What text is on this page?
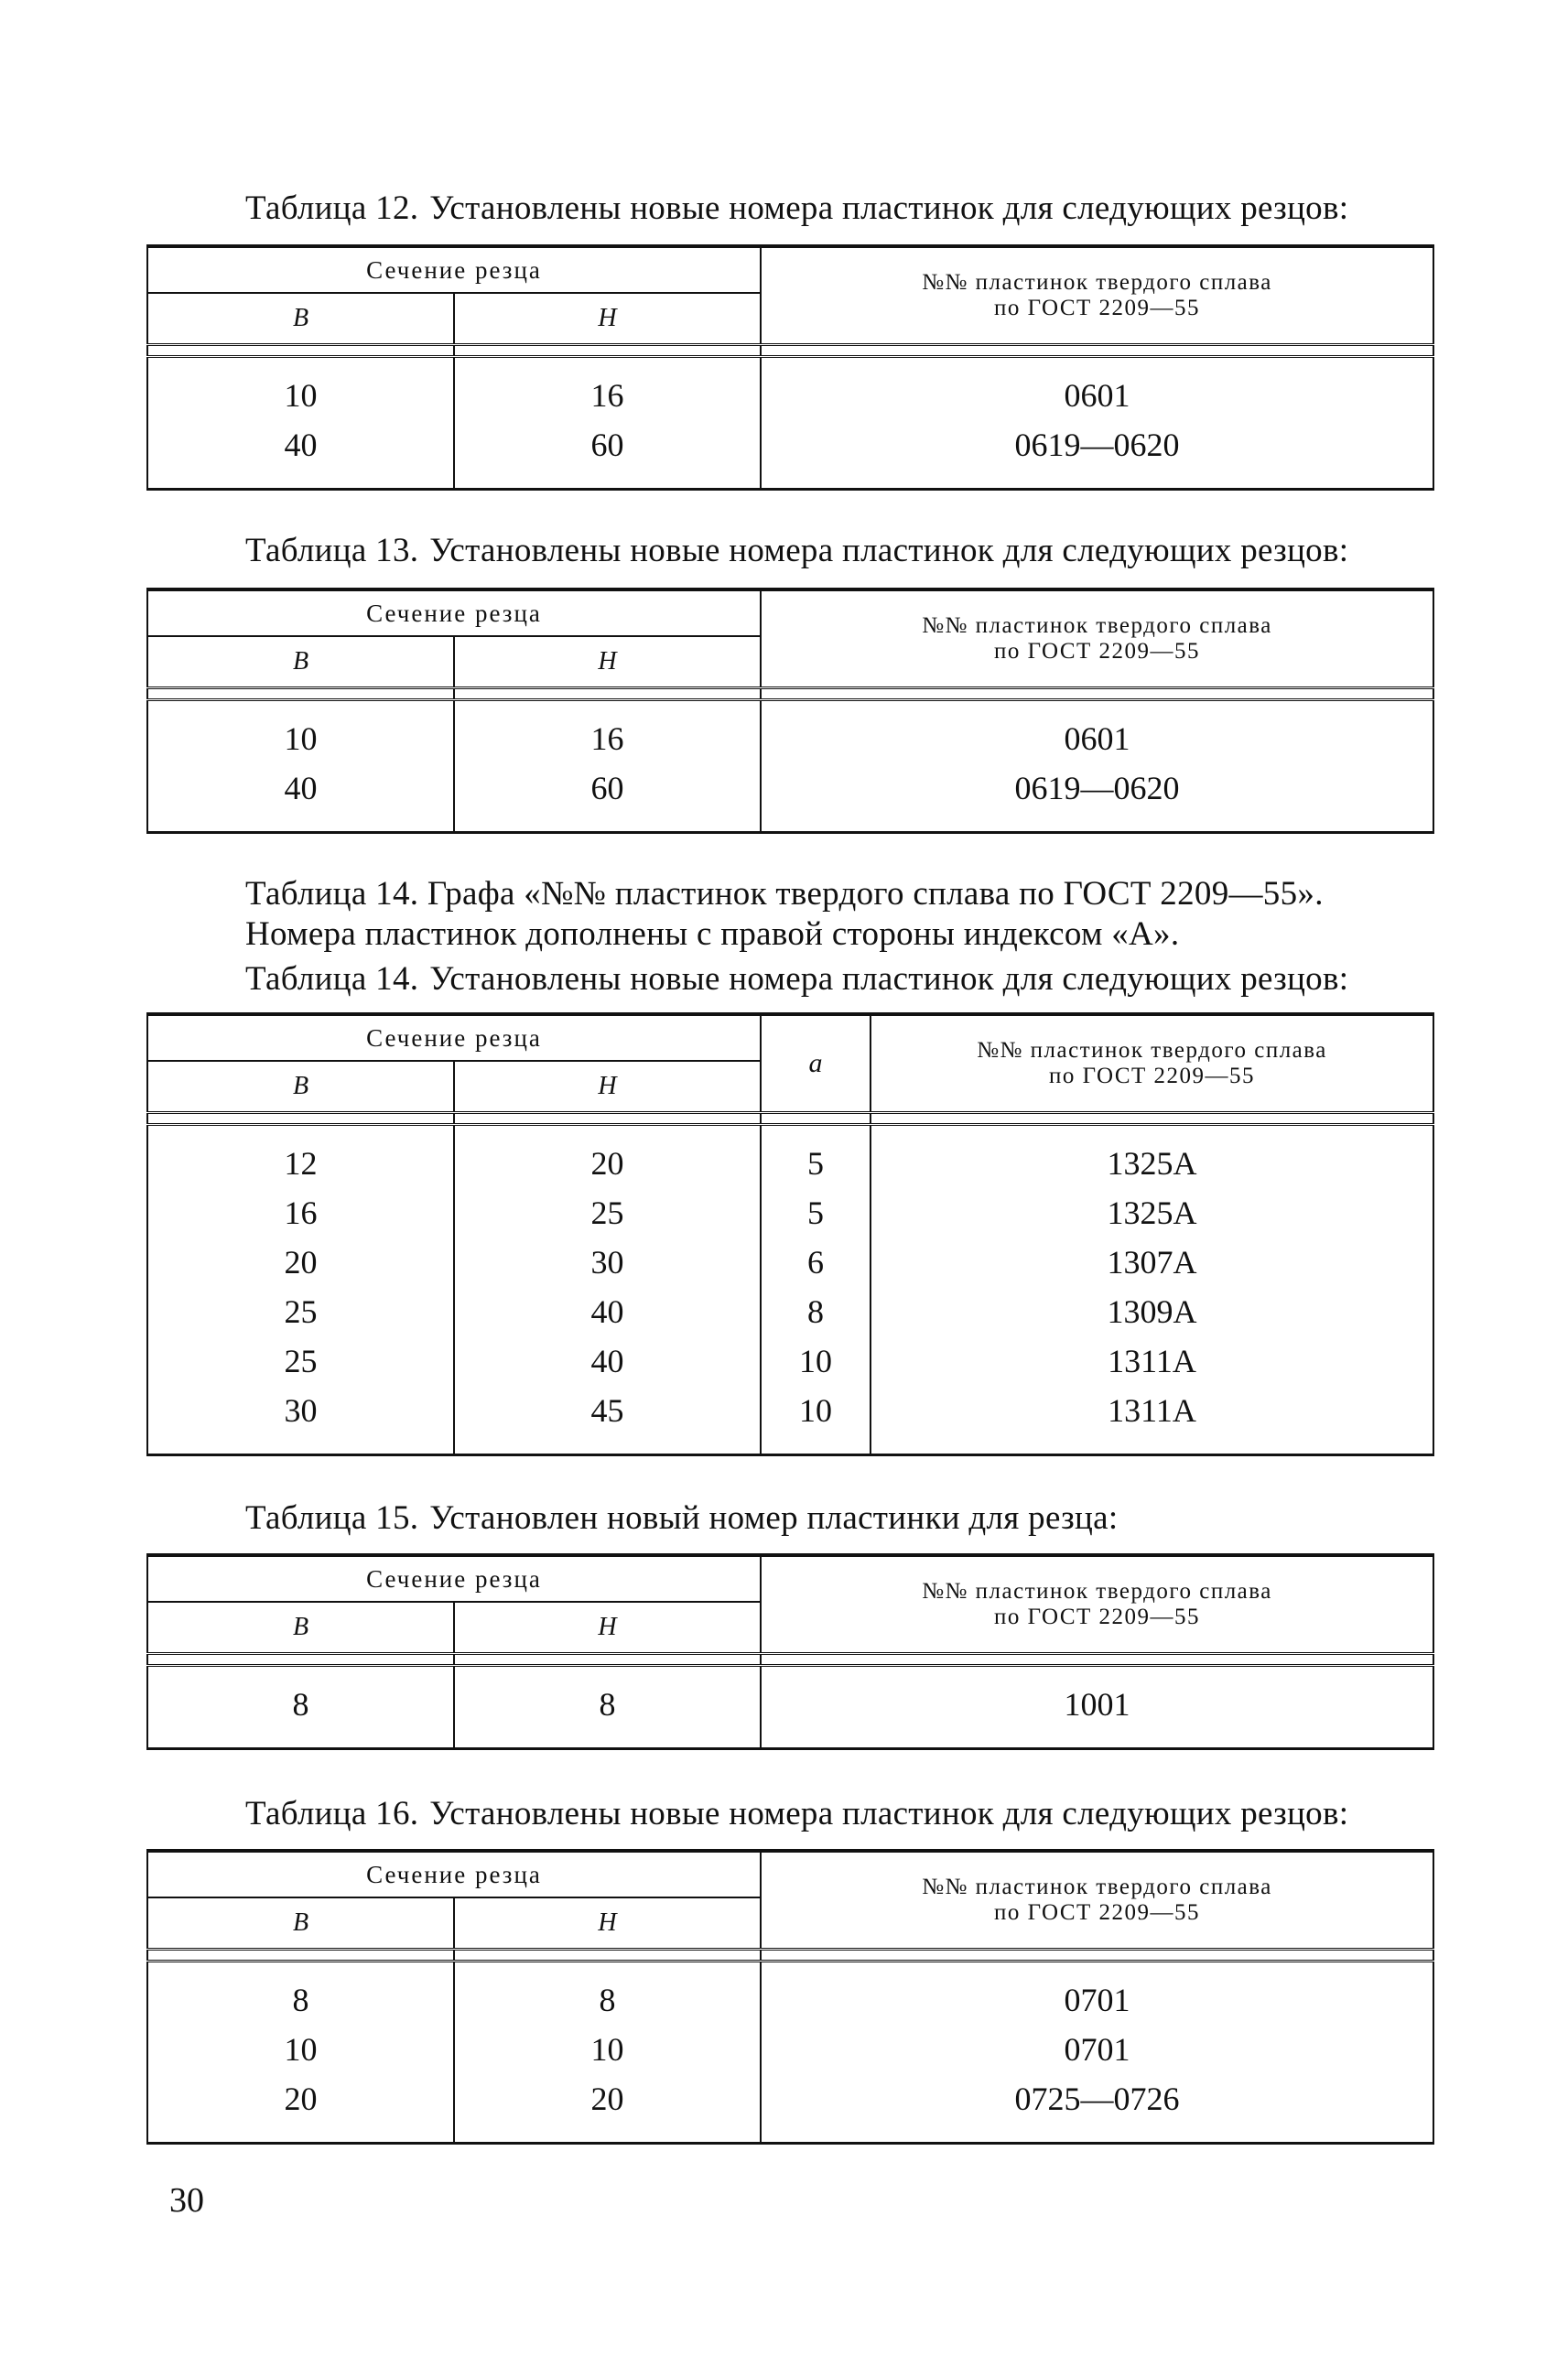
Таблица 12. Установлены новые номера пластинок для следующих резцов:
Сечение резца		№№ пластинок твердого сплава
по ГОСТ 2209—55

B	H	

10	16	0601
40	60	0619—0620
Таблица 13. Установлены новые номера пластинок для следующих резцов:
Сечение резца		№№ пластинок твердого сплава
по ГОСТ 2209—55

B	H	

10	16	0601
40	60	0619—0620
Таблица 14. Графа «№№ пластинок твердого сплава по ГОСТ 2209—55».
Номера пластинок дополнены с правой стороны индексом «А».
Таблица 14. Установлены новые номера пластинок для следующих резцов:
Сечение резца		a	№№ пластинок твердого сплава
по ГОСТ 2209—55

B	H		

12	20	5	1325А
16	25	5	1325А
20	30	6	1307А
25	40	8	1309А
25	40	10	1311А
30	45	10	1311А
Таблица 15. Установлен новый номер пластинки для резца:
Сечение резца		№№ пластинок твердого сплава
по ГОСТ 2209—55

B	H	

8	8	1001
Таблица 16. Установлены новые номера пластинок для следующих резцов:
Сечение резца		№№ пластинок твердого сплава
по ГОСТ 2209—55

B	H	

8	8	0701
10	10	0701
20	20	0725—0726
30
